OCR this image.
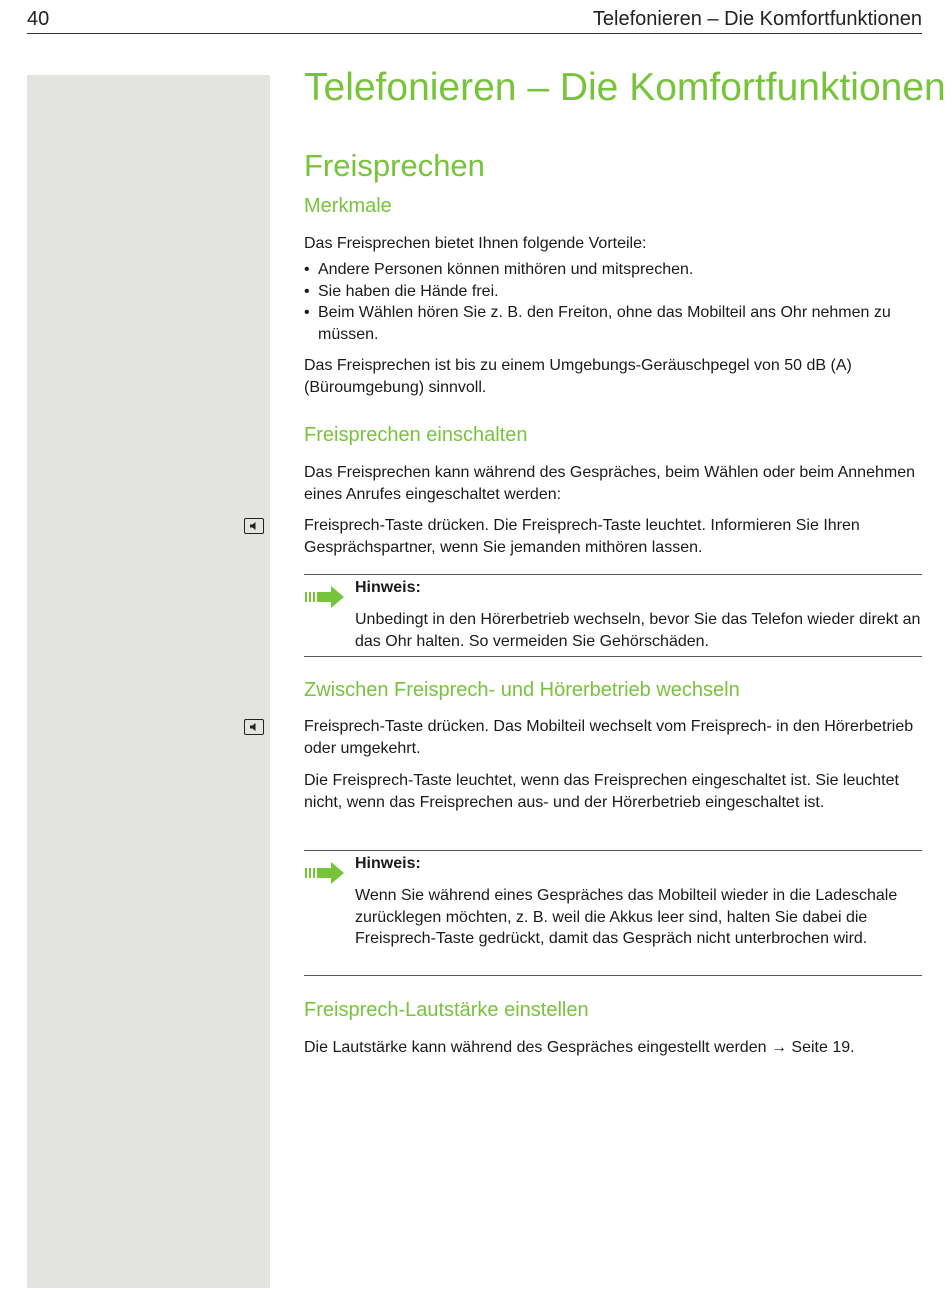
40	Telefonieren – Die Komfortfunktionen
Telefonieren – Die Komfortfunktionen
Freisprechen
Merkmale
Das Freisprechen bietet Ihnen folgende Vorteile:
• Andere Personen können mithören und mitsprechen.
• Sie haben die Hände frei.
• Beim Wählen hören Sie z. B. den Freiton, ohne das Mobilteil ans Ohr nehmen zu müssen.
Das Freisprechen ist bis zu einem Umgebungs-Geräuschpegel von 50 dB (A) (Büroumgebung) sinnvoll.
Freisprechen einschalten
Das Freisprechen kann während des Gespräches, beim Wählen oder beim Annehmen eines Anrufes eingeschaltet werden:
Freisprech-Taste drücken. Die Freisprech-Taste leuchtet. Informieren Sie Ihren Gesprächspartner, wenn Sie jemanden mithören lassen.
Hinweis:
Unbedingt in den Hörerbetrieb wechseln, bevor Sie das Telefon wieder direkt an das Ohr halten. So vermeiden Sie Gehörschäden.
Zwischen Freisprech- und Hörerbetrieb wechseln
Freisprech-Taste drücken. Das Mobilteil wechselt vom Freisprech- in den Hörerbetrieb oder umgekehrt.
Die Freisprech-Taste leuchtet, wenn das Freisprechen eingeschaltet ist. Sie leuchtet nicht, wenn das Freisprechen aus- und der Hörerbetrieb eingeschaltet ist.
Hinweis:
Wenn Sie während eines Gespräches das Mobilteil wieder in die Ladeschale zurücklegen möchten, z. B. weil die Akkus leer sind, halten Sie dabei die Freisprech-Taste gedrückt, damit das Gespräch nicht unterbrochen wird.
Freisprech-Lautstärke einstellen
Die Lautstärke kann während des Gespräches eingestellt werden → Seite 19.
